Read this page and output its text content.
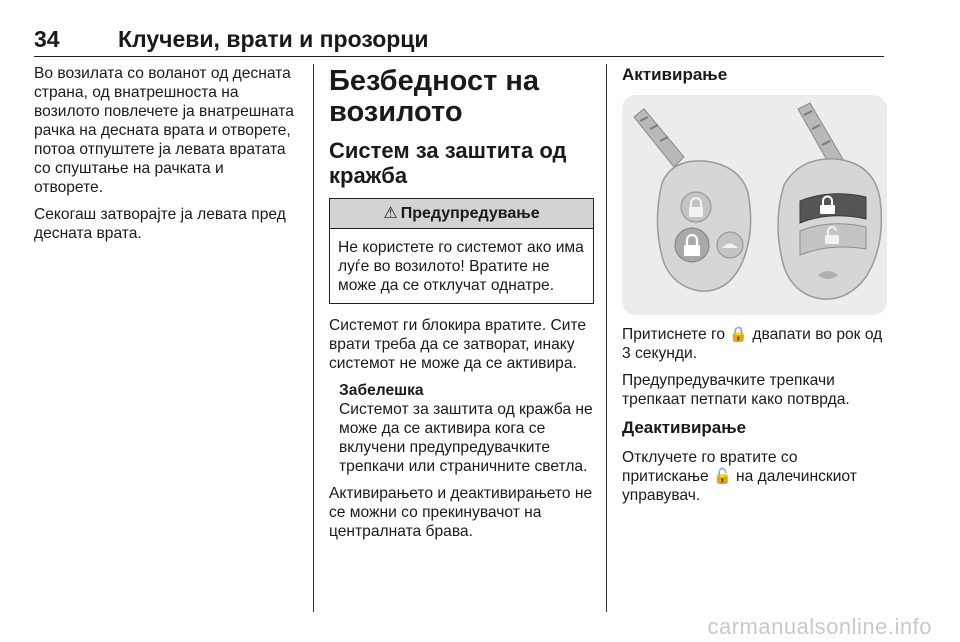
34	Клучеви, врати и прозорци

Во возилата со воланот од десната страна, од внатрешноста на возилото повлечете ја внатрешната рачка на десната врата и отворете, потоа отпуштете ја левата вратата со спуштање на рачката и отворете.

Секогаш затворајте ја левата пред десната врата.

Безбедност на возилото
Систем за заштита од кражба
⚠ Предупредување
Не користете го системот ако има луѓе во возилото! Вратите не може да се отклучат однатре.

Системот ги блокира вратите. Сите врати треба да се затворат, инаку системот не може да се активира.

Забелешка
Системот за заштита од кражба не може да се активира кога се вклучени предупредувачките трепкачи или страничните светла.

Активирањето и деактивирањето не се можни со прекинувачот на централната брава.

Активирање

Притиснете го 🔒 двапати во рок од 3 секунди.

Предупредувачките трепкачи трепкаат петпати како потврда.

Деактивирање

Отклучете го вратите со притискање 🔓 на далечинскиот управувач.

carmanualsonline.info
